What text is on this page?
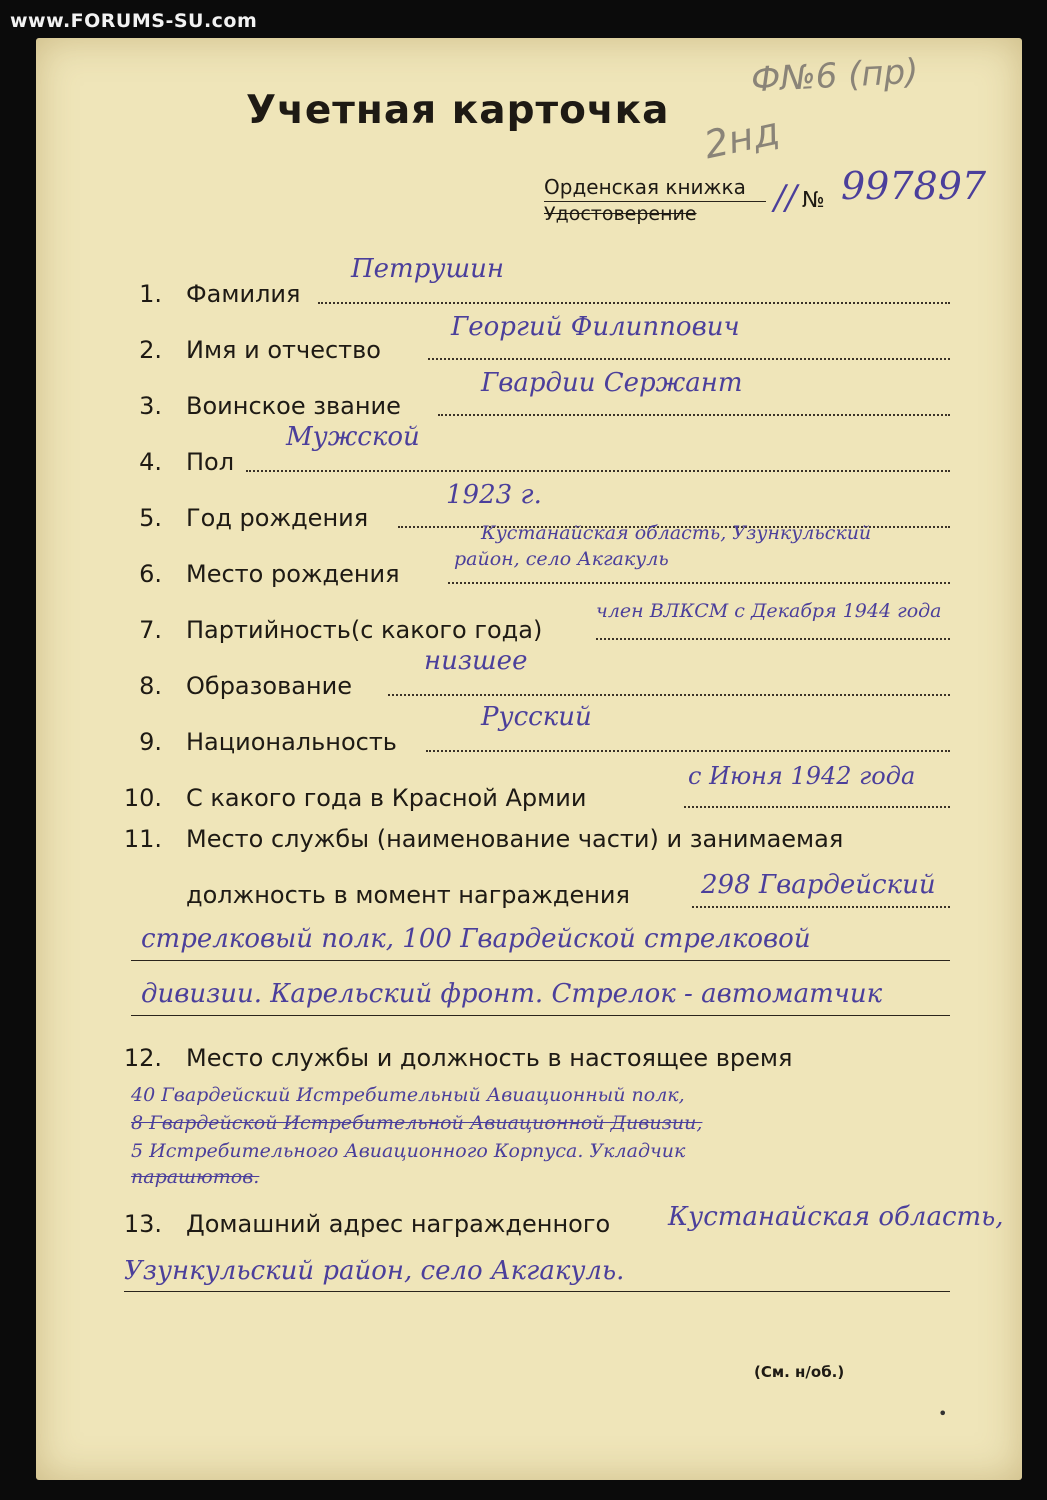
www.FORUMS-SU.com
Учетная карточка
Ф№6 (пр)
2нд
Орденская книжка
Удостоверение // № 997897
1. Фамилия
Петрушин
2. Имя и отчество
Георгий Филиппович
3. Воинское звание
Гвардии Сержант
4. Пол
Мужской
5. Год рождения
1923 г.
6. Место рождения
Кустанайская область, Узункульский
район, село Акгакуль
7. Партийность(с какого года)
член ВЛКСМ с Декабря 1944 года
8. Образование
низшее
9. Национальность
Русский
10. С какого года в Красной Армии
с Июня 1942 года
11. Место службы (наименование части) и занимаемая
должность в момент награждения	298 Гвардейский
стрелковый полк, 100 Гвардейской стрелковой
дивизии. Карельский фронт. Стрелок - автоматчик
12. Место службы и должность в настоящее время
40 Гвардейский Истребительный Авиационный полк,
8 Гвардейской Истребительной Авиационной Дивизии,
5 Истребительного Авиационного Корпуса. Укладчик
парашютов.
13. Домашний адрес награжденного Кустанайская область,
Узункульский район, село Акгакуль.
(См. н/об.)
•
